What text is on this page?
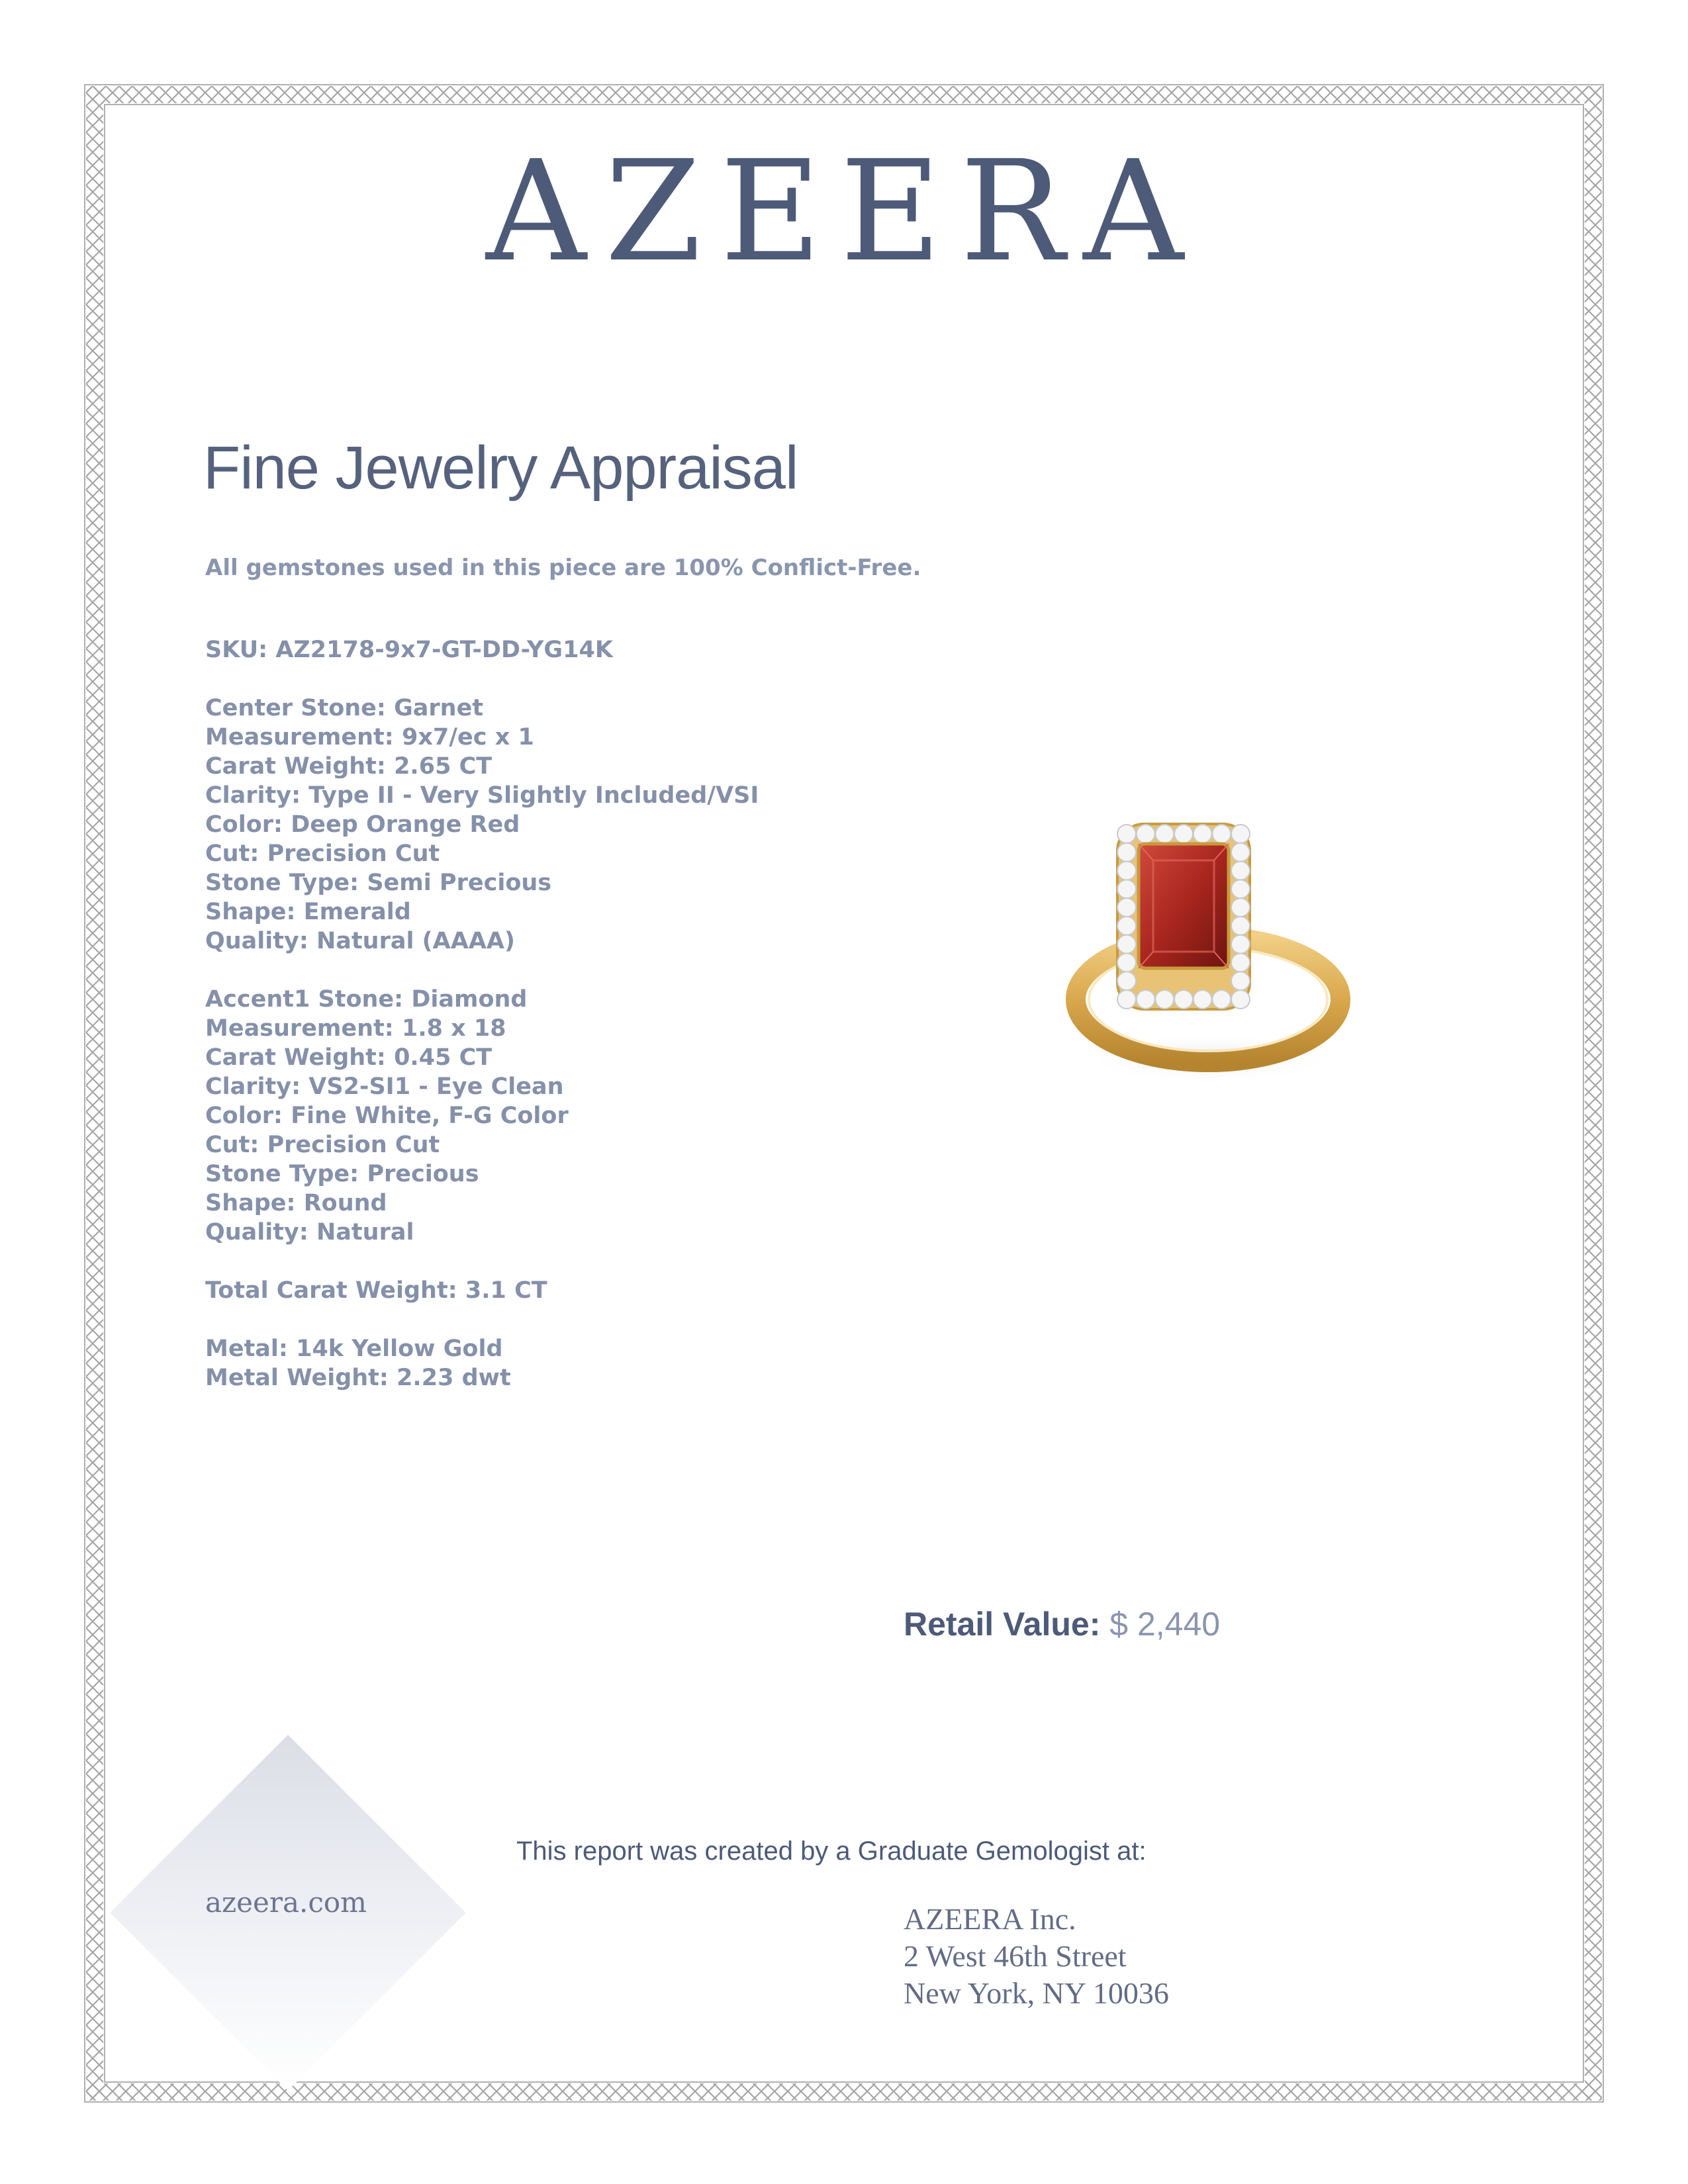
AZEERA
Fine Jewelry Appraisal
All gemstones used in this piece are 100% Conflict-Free.
SKU: AZ2178-9x7-GT-DD-YG14K
Center Stone: Garnet
Measurement: 9x7/ec x 1
Carat Weight: 2.65 CT
Clarity: Type II - Very Slightly Included/VSI
Color: Deep Orange Red
Cut: Precision Cut
Stone Type: Semi Precious
Shape: Emerald
Quality: Natural (AAAA)
Accent1 Stone: Diamond
Measurement: 1.8 x 18
Carat Weight: 0.45 CT
Clarity: VS2-SI1 - Eye Clean
Color: Fine White, F-G Color
Cut: Precision Cut
Stone Type: Precious
Shape: Round
Quality: Natural
Total Carat Weight: 3.1 CT
Metal: 14k Yellow Gold
Metal Weight: 2.23 dwt
Retail Value: $ 2,440
azeera.com
This report was created by a Graduate Gemologist at:
AZEERA Inc.
2 West 46th Street
New York, NY 10036
